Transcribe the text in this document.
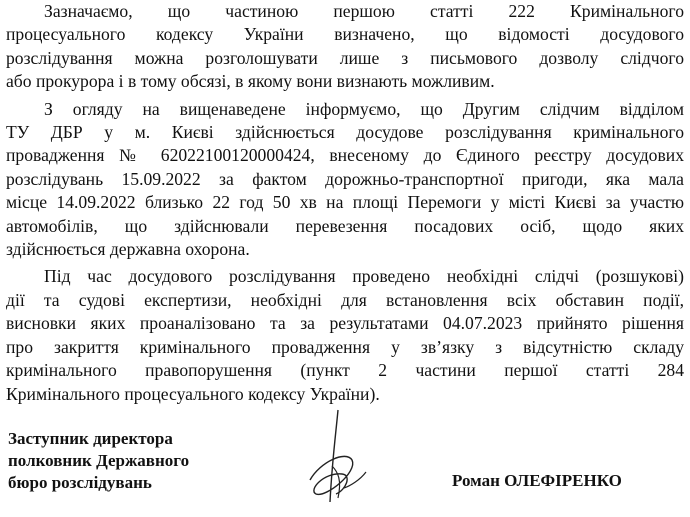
Зазначаємо, що частиною першою статті 222 Кримінального
процесуального кодексу України визначено, що відомості досудового
розслідування можна розголошувати лише з письмового дозволу слідчого
або прокурора і в тому обсязі, в якому вони визнають можливим.

З огляду на вищенаведене інформуємо, що Другим слідчим відділом
ТУ ДБР у м. Києві здійснюється досудове розслідування кримінального
провадження № 62022100120000424, внесеному до Єдиного реєстру досудових
розслідувань 15.09.2022 за фактом дорожньо-транспортної пригоди, яка мала
місце 14.09.2022 близько 22 год 50 хв на площі Перемоги у місті Києві за участю
автомобілів, що здійснювали перевезення посадових осіб, щодо яких
здійснюється державна охорона.

Під час досудового розслідування проведено необхідні слідчі (розшукові)
дії та судові експертизи, необхідні для встановлення всіх обставин події,
висновки яких проаналізовано та за результатами 04.07.2023 прийнято рішення
про закриття кримінального провадження у зв’язку з відсутністю складу
кримінального правопорушення (пункт 2 частини першої статті 284
Кримінального процесуального кодексу України).

Заступник директора
полковник Державного
бюро розслідувань	Роман ОЛЕФІРЕНКО
